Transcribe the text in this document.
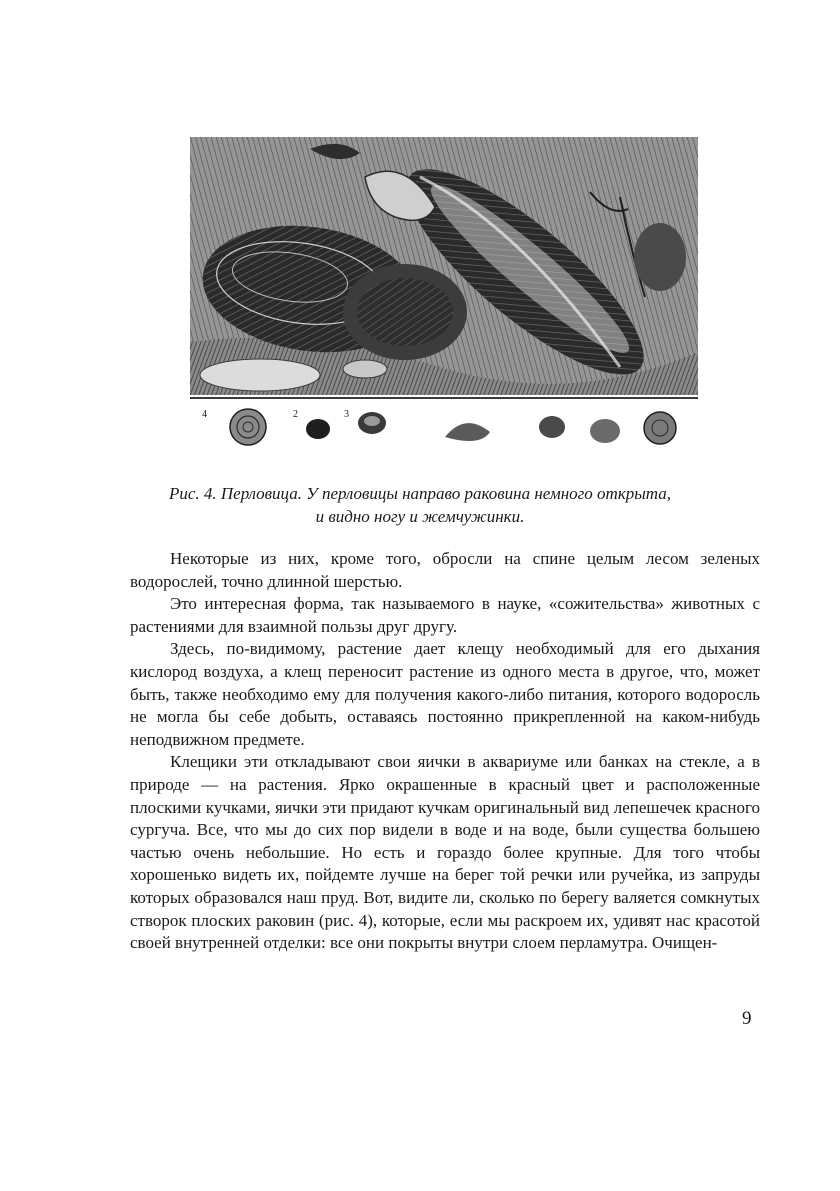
4	2	3
Рис. 4. Перловица. У перловицы направо раковина немного открыта,
и видно ногу и жемчужинки.

Некоторые из них, кроме того, обросли на спине целым лесом зеленых водорослей, точно длинной шерстью.

Это интересная форма, так называемого в науке, «сожительства» животных с растениями для взаимной пользы друг другу.

Здесь, по-видимому, растение дает клещу необходимый для его дыхания кислород воздуха, а клещ переносит растение из одного места в другое, что, может быть, также необходимо ему для получения какого-либо питания, которого водоросль не могла бы себе добыть, оставаясь постоянно прикрепленной на каком-нибудь неподвижном предмете.

Клещики эти откладывают свои яички в аквариуме или банках на стекле, а в природе — на растения. Ярко окрашенные в красный цвет и расположенные плоскими кучками, яички эти придают кучкам оригинальный вид лепешечек красного сургуча. Все, что мы до сих пор видели в воде и на воде, были существа большею частью очень небольшие. Но есть и гораздо более крупные. Для того чтобы хорошенько видеть их, пойдемте лучше на берег той речки или ручейка, из запруды которых образовался наш пруд. Вот, видите ли, сколько по берегу валяется сомкнутых створок плоских раковин (рис. 4), которые, если мы раскроем их, удивят нас красотой своей внутренней отделки: все они покрыты внутри слоем перламутра. Очищен-

9
